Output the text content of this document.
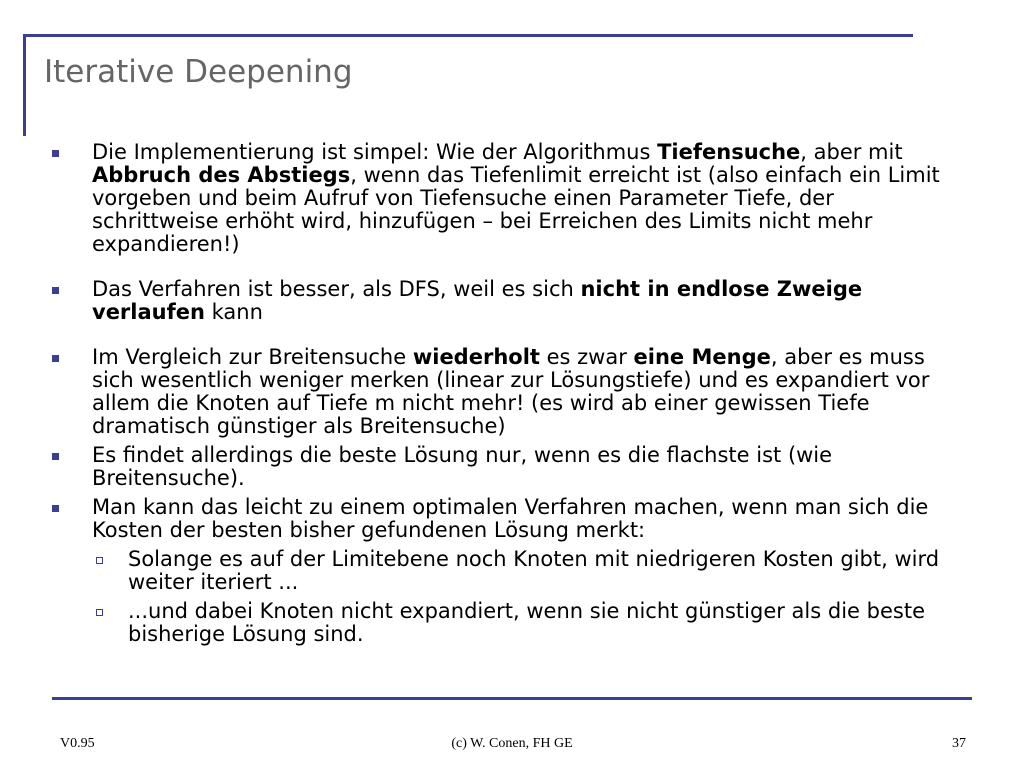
Iterative Deepening
Die Implementierung ist simpel: Wie der Algorithmus Tiefensuche, aber mit Abbruch des Abstiegs, wenn das Tiefenlimit erreicht ist (also einfach ein Limit vorgeben und beim Aufruf von Tiefensuche einen Parameter Tiefe, der schrittweise erhöht wird, hinzufügen – bei Erreichen des Limits nicht mehr expandieren!)
Das Verfahren ist besser, als DFS, weil es sich nicht in endlose Zweige verlaufen kann
Im Vergleich zur Breitensuche wiederholt es zwar eine Menge, aber es muss sich wesentlich weniger merken (linear zur Lösungstiefe) und es expandiert vor allem die Knoten auf Tiefe m nicht mehr! (es wird ab einer gewissen Tiefe dramatisch günstiger als Breitensuche)
Es findet allerdings die beste Lösung nur, wenn es die flachste ist (wie Breitensuche).
Man kann das leicht zu einem optimalen Verfahren machen, wenn man sich die Kosten der besten bisher gefundenen Lösung merkt:
Solange es auf der Limitebene noch Knoten mit niedrigeren Kosten gibt, wird weiter iteriert ...
...und dabei Knoten nicht expandiert, wenn sie nicht günstiger als die beste bisherige Lösung sind.
V0.95	(c) W. Conen, FH GE	37
